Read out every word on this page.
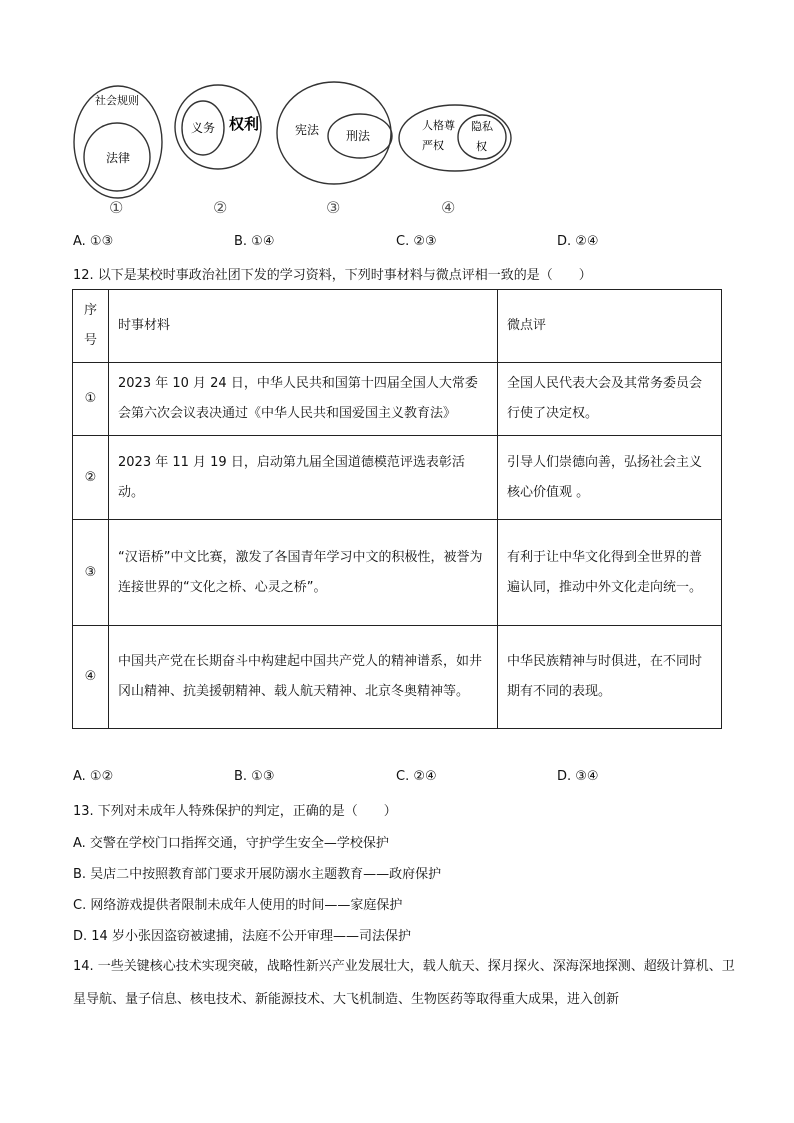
社会规则
法律
①
权利
义务
②
宪法 刑法
③
人格尊
严权
隐私
权
④
A. ①③	B. ①④	C. ②③	D. ②④
12. 以下是某校时事政治社团下发的学习资料，下列时事材料与微点评相一致的是（　　）
序
号	时事材料	微点评
①	2023 年 10 月 24 日，中华人民共和国第十四届全国人大常委会第六次会议表决通过《中华人民共和国爱国主义教育法》	全国人民代表大会及其常务委员会行使了决定权。
②	2023 年 11 月 19 日，启动第九届全国道德模范评选表彰活动。	引导人们崇德向善，弘扬社会主义核心价值观 。
③	“汉语桥”中文比赛，激发了各国青年学习中文的积极性，被誉为连接世界的“文化之桥、心灵之桥”。	有利于让中华文化得到全世界的普遍认同，推动中外文化走向统一。
④	中国共产党在长期奋斗中构建起中国共产党人的精神谱系，如井冈山精神、抗美援朝精神、载人航天精神、北京冬奥精神等。	中华民族精神与时俱进，在不同时期有不同的表现。
A. ①②	B. ①③	C. ②④	D. ③④
13. 下列对未成年人特殊保护的判定，正确的是（　　）
A. 交警在学校门口指挥交通，守护学生安全—学校保护
B. 吴店二中按照教育部门要求开展防溺水主题教育——政府保护
C. 网络游戏提供者限制未成年人使用的时间——家庭保护
D. 14 岁小张因盗窃被逮捕，法庭不公开审理——司法保护
14. 一些关键核心技术实现突破，战略性新兴产业发展壮大，载人航天、探月探火、深海深地探测、超级计算机、卫星导航、量子信息、核电技术、新能源技术、大飞机制造、生物医药等取得重大成果，进入创新
